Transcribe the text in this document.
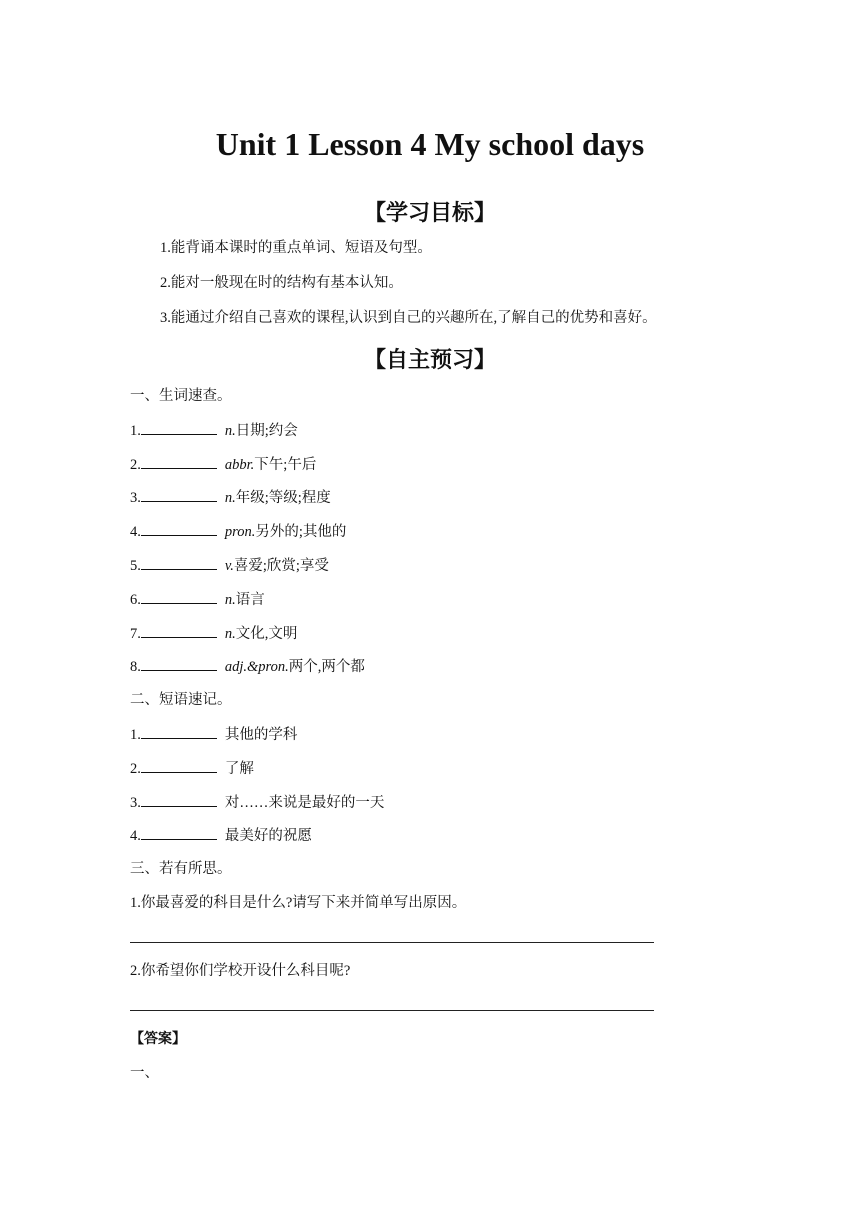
Unit 1 Lesson 4 My school days
【学习目标】
1.能背诵本课时的重点单词、短语及句型。
2.能对一般现在时的结构有基本认知。
3.能通过介绍自己喜欢的课程,认识到自己的兴趣所在,了解自己的优势和喜好。
【自主预习】
一、生词速查。
1.	n.日期;约会
2.	abbr.下午;午后
3.	n.年级;等级;程度
4.	pron.另外的;其他的
5.	v.喜爱;欣赏;享受
6.	n.语言
7.	n.文化,文明
8.	adj.&pron.两个,两个都
二、短语速记。
1.	其他的学科
2.	了解
3.	对……来说是最好的一天
4.	最美好的祝愿
三、若有所思。
1.你最喜爱的科目是什么?请写下来并简单写出原因。
2.你希望你们学校开设什么科目呢?
【答案】
一、
